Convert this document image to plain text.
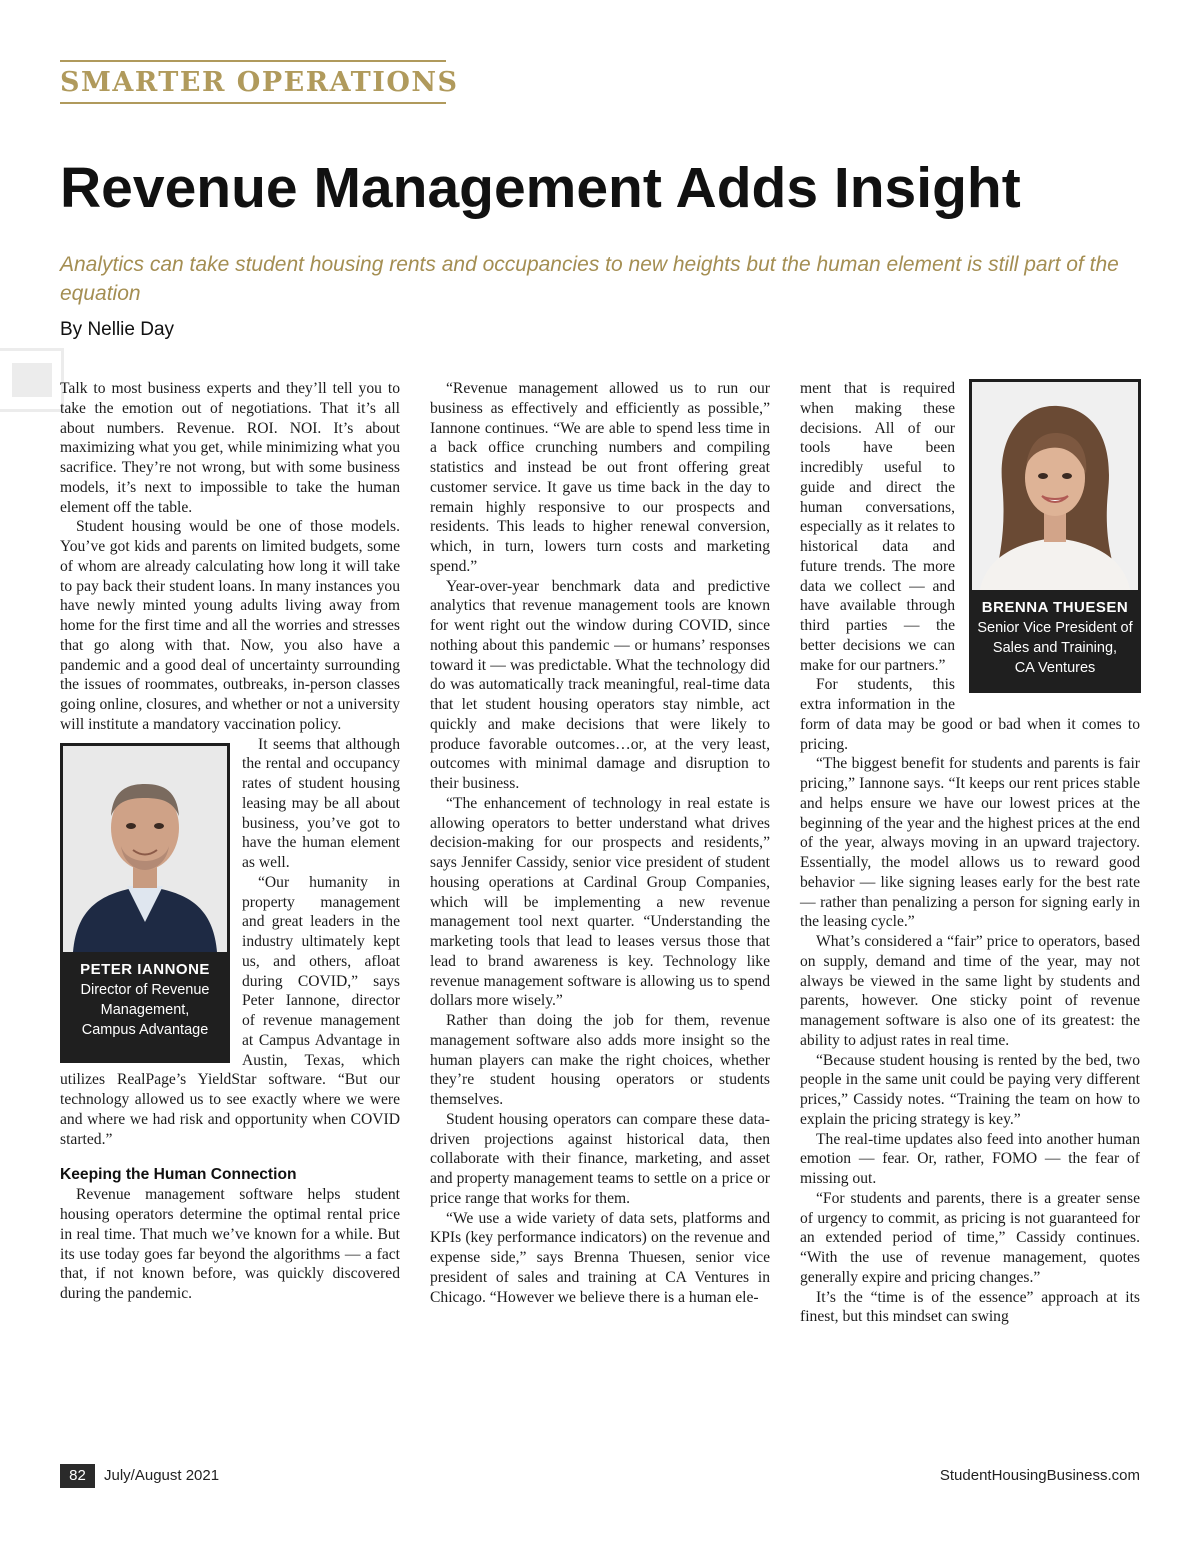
SMARTER OPERATIONS
Revenue Management Adds Insight

Analytics can take student housing rents and occupancies to new heights but the human element is still part of the equation

By Nellie Day

Talk to most business experts and they’ll tell you to take the emotion out of negotiations. That it’s all about numbers. Revenue. ROI. NOI. It’s about maximizing what you get, while minimizing what you sacrifice. They’re not wrong, but with some business models, it’s next to impossible to take the human element off the table.

Student housing would be one of those models. You’ve got kids and parents on limited budgets, some of whom are already calculating how long it will take to pay back their student loans. In many instances you have newly minted young adults living away from home for the first time and all the worries and stresses that go along with that. Now, you also have a pandemic and a good deal of uncertainty surrounding the issues of roommates, outbreaks, in-person classes going online, closures, and whether or not a university will institute a mandatory vaccination policy.

PETER IANNONE
Director of Revenue
Management,
Campus Advantage

It seems that although the rental and occupancy rates of student housing leasing may be all about business, you’ve got to have the human element as well.

“Our humanity in property management and great leaders in the industry ultimately kept us, and others, afloat during COVID,” says Peter Iannone, director of revenue management at Campus Advantage in Austin, Texas, which utilizes RealPage’s YieldStar software. “But our technology allowed us to see exactly where we were and where we had risk and opportunity when COVID started.”

Keeping the Human Connection

Revenue management software helps student housing operators determine the optimal rental price in real time. That much we’ve known for a while. But its use today goes far beyond the algorithms — a fact that, if not known before, was quickly discovered during the pandemic.

“Revenue management allowed us to run our business as effectively and efficiently as possible,” Iannone continues. “We are able to spend less time in a back office crunching numbers and compiling statistics and instead be out front offering great customer service. It gave us time back in the day to remain highly responsive to our prospects and residents. This leads to higher renewal conversion, which, in turn, lowers turn costs and marketing spend.”

Year-over-year benchmark data and predictive analytics that revenue management tools are known for went right out the window during COVID, since nothing about this pandemic — or humans’ responses toward it — was predictable. What the technology did do was automatically track meaningful, real-time data that let student housing operators stay nimble, act quickly and make decisions that were likely to produce favorable outcomes…or, at the very least, outcomes with minimal damage and disruption to their business.

“The enhancement of technology in real estate is allowing operators to better understand what drives decision-making for our prospects and residents,” says Jennifer Cassidy, senior vice president of student housing operations at Cardinal Group Companies, which will be implementing a new revenue management tool next quarter. “Understanding the marketing tools that lead to leases versus those that lead to brand awareness is key. Technology like revenue management software is allowing us to spend dollars more wisely.”

Rather than doing the job for them, revenue management software also adds more insight so the human players can make the right choices, whether they’re student housing operators or students themselves.

Student housing operators can compare these data-driven projections against historical data, then collaborate with their finance, marketing, and asset and property management teams to settle on a price or price range that works for them.

“We use a wide variety of data sets, platforms and KPIs (key performance indicators) on the revenue and expense side,” says Brenna Thuesen, senior vice president of sales and training at CA Ventures in Chicago. “However we believe there is a human ele-

BRENNA THUESEN
Senior Vice President of
Sales and Training,
CA Ventures

ment that is required when making these decisions. All of our tools have been incredibly useful to guide and direct the human conversations, especially as it relates to historical data and future trends. The more data we collect — and have available through third parties — the better decisions we can make for our partners.”

For students, this extra information in the form of data may be good or bad when it comes to pricing.

“The biggest benefit for students and parents is fair pricing,” Iannone says. “It keeps our rent prices stable and helps ensure we have our lowest prices at the beginning of the year and the highest prices at the end of the year, always moving in an upward trajectory. Essentially, the model allows us to reward good behavior — like signing leases early for the best rate — rather than penalizing a person for signing early in the leasing cycle.”

What’s considered a “fair” price to operators, based on supply, demand and time of the year, may not always be viewed in the same light by students and parents, however. One sticky point of revenue management software is also one of its greatest: the ability to adjust rates in real time.

“Because student housing is rented by the bed, two people in the same unit could be paying very different prices,” Cassidy notes. “Training the team on how to explain the pricing strategy is key.”

The real-time updates also feed into another human emotion — fear. Or, rather, FOMO — the fear of missing out.

“For students and parents, there is a greater sense of urgency to commit, as pricing is not guaranteed for an extended period of time,” Cassidy continues. “With the use of revenue management, quotes generally expire and pricing changes.”

It’s the “time is of the essence” approach at its finest, but this mindset can swing

82	July/August 2021	StudentHousingBusiness.com
